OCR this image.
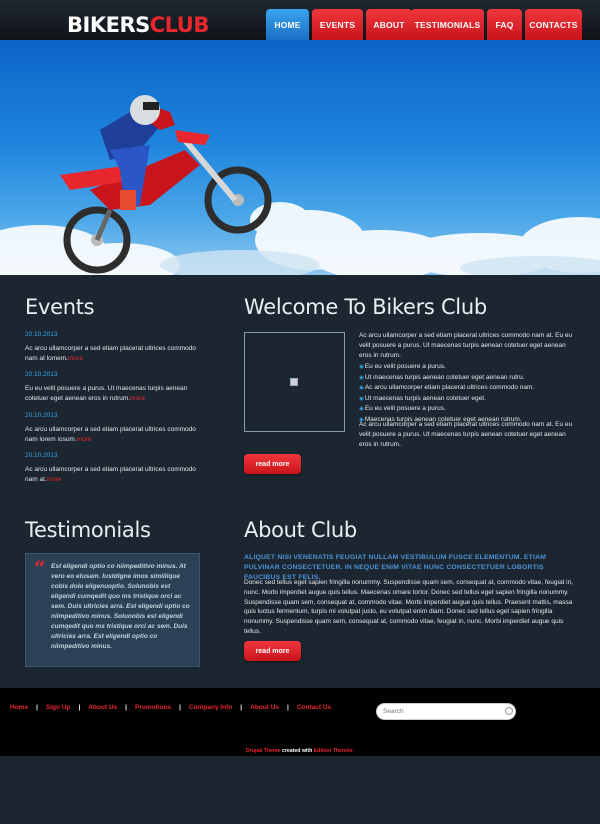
BIKERSCLUB	HOME	EVENTS	ABOUT	TESTIMONIALS	FAQ	CONTACTS
Events
20.10.2013
Ac arcu ullamcorper a sed etiam placerat ultrices commodo nam at lomem.more
20.10.2013
Eu eu velit posuere a purus. Ut maecenas turpis aenean cotetuer eget aenean eros in rutrum.more
20.10.2013
Ac arcu ullamcorper a sed etiam placerat ultrices commodo nam lorem iosum.more
20.10.2013
Ac arcu ullamcorper a sed etiam placerat ultrices commodo nam at.more
Welcome To Bikers Club
Ac arcu ullamcorper a sed etiam placerat ultrices commodo nam at. Eu eu velit posuere a purus. Ut maecenas turpis aenean cotetuer eget aenean eros in rutrum.
◉ Eu eu velit posuere a purus.
◉ Ut maecenas turpis aenean cotetuer eget aenean rutru.
◉ Ac arcu ullamcorper etiam placerat ultrices commodo nam.
◉ Ut maecenas turpis aenean cotetuer eget.
◉ Eu eu velit posuere a purus.
◉ Maecenas turpis aenean cotetuer eget aenean rutrum.
Ac arcu ullamcorper a sed etiam placerat ultrices commodo nam at. Eu eu velit posuere a purus. Ut maecenas turpis aenean cotetuer eget aenean eros in rutrum.
read more
Testimonials
“ Est eligendi optio co niimpeditivo minus. At vero eo etusam. Iustdigne imos simiilique cobis dolo eligenuoptio. Solunobis est eligendi cumqedit quo ms tristique orci ac sem. Duis ultricies arra. Est eligendi optio co niimpeditivo minus. Solunobis est eligendi cumqedit quo ms tristique orci ac sem. Duis ultricies arra. Est eligendi optio co niimpeditivo minus.
About Club
ALIQUET NISI VENENATIS FEUGIAT NULLAM VESTIBULUM FUSCE ELEMENTUM. ETIAM PULVINAR CONSECTETUER. IN NEQUE ENIM VITAE NUNC CONSECTETUER LOBORTIS FAUCIBUS EST FELIS.
Donec sed tellus eget sapien fringilla nonummy. Suspendisse quam sem, consequat at, commodo vitae, feugiat in, nunc. Morbi imperdiet augue quis tellus. Maecenas omare tortor. Donec sed tellus eget sapien fringilla nonummy. Suspendisse quam sem, consequat at, commodo vitae. Morbi imperdiet augue quis tellus. Praesent mattis, massa quis luctus fermentum, turpis mi volutpat justo, eu volutpat enim diam. Donec sed tellus eget sapien fringilla nonummy. Suspendisse quam sem, consequat at, commodo vitae, feugiat in, nunc. Morbi imperdiet augue quis tellus.
read more
Home | Sign Up | About Us | Promotions | Company Info | About Us | Contact Us
Search
Drupal Theme created with Edition Themler.
